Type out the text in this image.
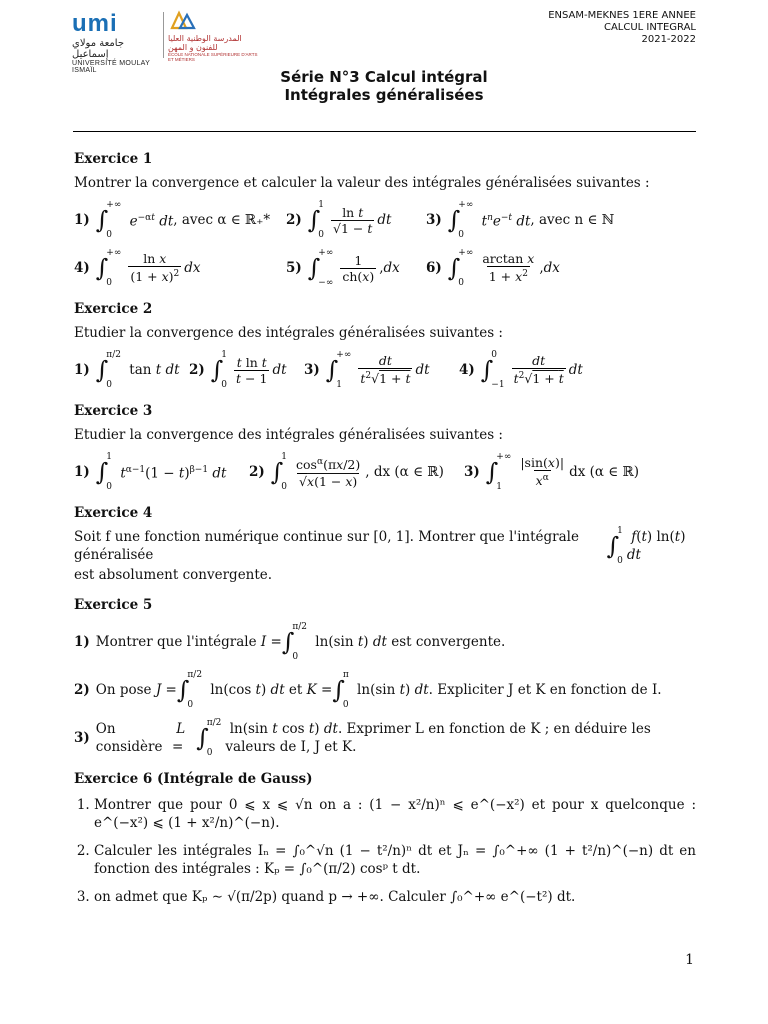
umi
جامعة مولاي إسماعيل
UNIVERSITÉ MOULAY ISMAÏL
المدرسة الوطنية العليا للفنون و المهن
ÉCOLE NATIONALE SUPÉRIEURE D'ARTS ET MÉTIERS
ENSAM-MEKNES 1ERE ANNEE
CALCUL INTEGRAL
2021-2022
Série N°3 Calcul intégral
Intégrales généralisées

Exercice 1

Montrer la convergence et calculer la valeur des intégrales généralisées suivantes :

1) ∫
+∞
0
$e^{-\alpha t}$ dt , avec α ∈ ℝ₊* 2) ∫
1
$0 \frac{\text{ln t}}{√1 - t}$ dt	3) ∫
+∞
0
$t^ne^{-t}$ dt , avec n ∈ ℕ
4) ∫
+∞
0	$\frac{\text{ln x}}{(1 + x)^2}$ dx	5) ∫
+∞
−∞ $\frac{1}{ch(x)}$ , dx 6) ∫
+∞
0	$\frac{\text{arctan x}}{1 + x^2}$ , dx

Exercice 2

Etudier la convergence des intégrales généralisées suivantes :

1) ∫
π/2
0
tan t dt 2) ∫
1
$0 \frac{\text{t ln t}}{t - 1}$ dt 3) ∫
+∞
1	$\frac{dt}{t^2√1 + t}$ dt 4) ∫
0
$-1 \frac{dt}{t^2√1 + t}$ dt

Exercice 3

Etudier la convergence des intégrales généralisées suivantes :

1) ∫
1
0
$t^{\alpha-1}(1 - t)^{\beta-1}$ dt 2) ∫
1
$0 \frac{\cos^\alpha(\pi x/2)}{√x(1 - x)}$ , dx (α ∈ ℝ) 3) ∫
+∞
1	$\frac{|\sin(x)|}{x^\alpha}$ dx (α ∈ ℝ)

Exercice 4

Soit f une fonction numérique continue sur [0, 1]. Montrer que l'intégrale généralisée	∫
1
0
f(t) ln(t) dt

est absolument convergente.

Exercice 5

1) Montrer que l'intégrale I = ∫
π/2
0
ln(sin t) dt est convergente.
2) On pose J = ∫
π/2
0
ln(cos t) dt et K = ∫
π
0
ln(sin t) dt . Expliciter J et K en fonction de I.
3)
On considère
L = ∫
π/2
0
ln(sin t cos t) dt. Exprimer L en fonction de K ; en déduire les valeurs de I, J et K.

Exercice 6 (Intégrale de Gauss)

1. Montrer que pour 0 ⩽ x ⩽ √n on a : (1 − x²/n)ⁿ ⩽ e^(−x²) et pour x quelconque : e^(−x²) ⩽ (1 + x²/n)^(−n).
2. Calculer les intégrales Iₙ = ∫₀^√n (1 − t²/n)ⁿ dt et Jₙ = ∫₀^+∞ (1 + t²/n)^(−n) dt en fonction des intégrales : Kₚ = ∫₀^(π/2) cosᵖ t dt.
3. on admet que Kₚ ∼ √(π/2p) quand p → +∞. Calculer ∫₀^+∞ e^(−t²) dt.
1
